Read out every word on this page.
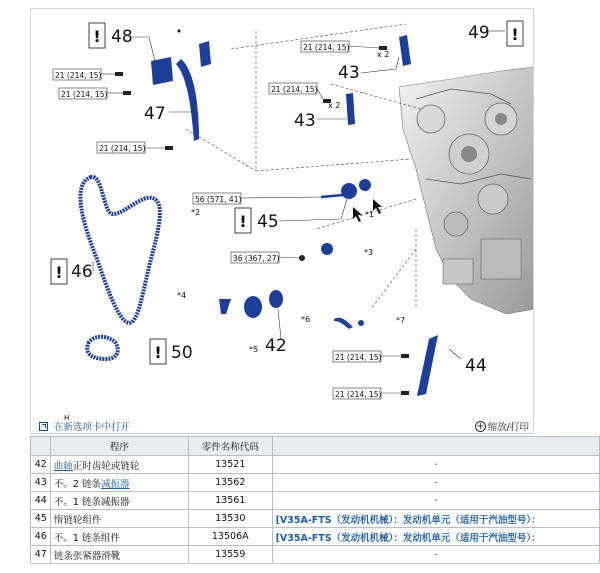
21 (214, 15)
21 (214, 15)
21 (214, 15)
21 (214, 15)
21 (214, 15)
56 (571, 41)
36 (367, 27)
21 (214, 15)
21 (214, 15)
!	!
!
!
!
48
47
49
43
43
45
46
50	42
44
x 2
x 2
*1
*2
*3
*4
*5
*6	*7
H
在新选项卡中打开	+ 缩放/打印
	程序	零件名称代码	
42	曲轴正时齿轮或链轮	13521	-
43	不。2 链条减振器	13562	-
44	不。1 链条减振器	13561	-
45	惰链轮组件	13530	[V35A-FTS（发动机机械）：发动机单元（适用于汽油型号）：
46	不。1 链条组件	13506A	[V35A-FTS（发动机机械）：发动机单元（适用于汽油型号）：
47	链条张紧器滑靴	13559	-
